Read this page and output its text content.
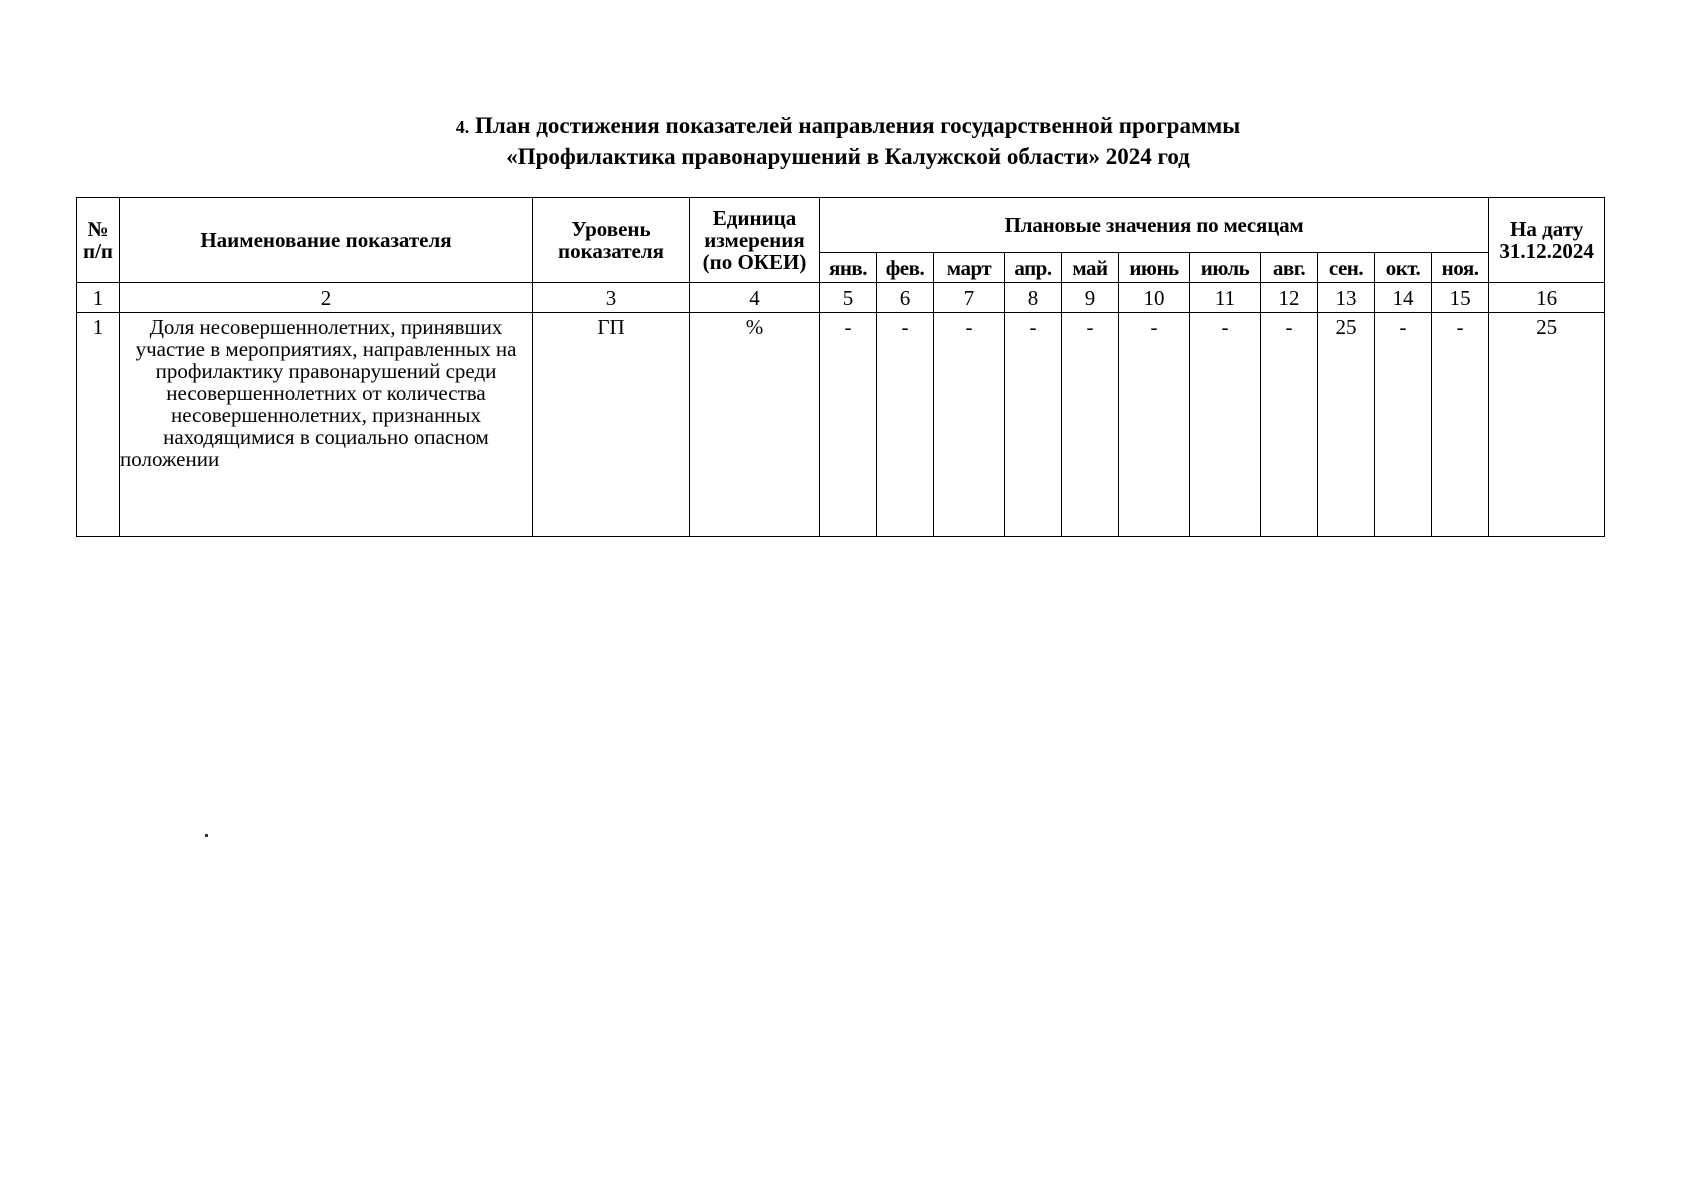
4. План достижения показателей направления государственной программы
«Профилактика правонарушений в Калужской области» 2024 год
№ п/п	Наименование показателя	Уровень показателя	Единица измерения (по ОКЕИ)	Плановые значения по месяцам											На дату 31.12.2024
				янв.	фев.	март	апр.	май	июнь	июль	авг.	сен.	окт.	ноя.	
1	2	3	4	5	6	7	8	9	10	11	12	13	14	15	16
1	Доля несовершеннолетних, принявших участие в мероприятиях, направленных на профилактику правонарушений среди несовершеннолетних от количества несовершеннолетних, признанных находящимися в социально опасном положении	ГП	%	-	-	-	-	-	-	-	-	25	-	-	25
